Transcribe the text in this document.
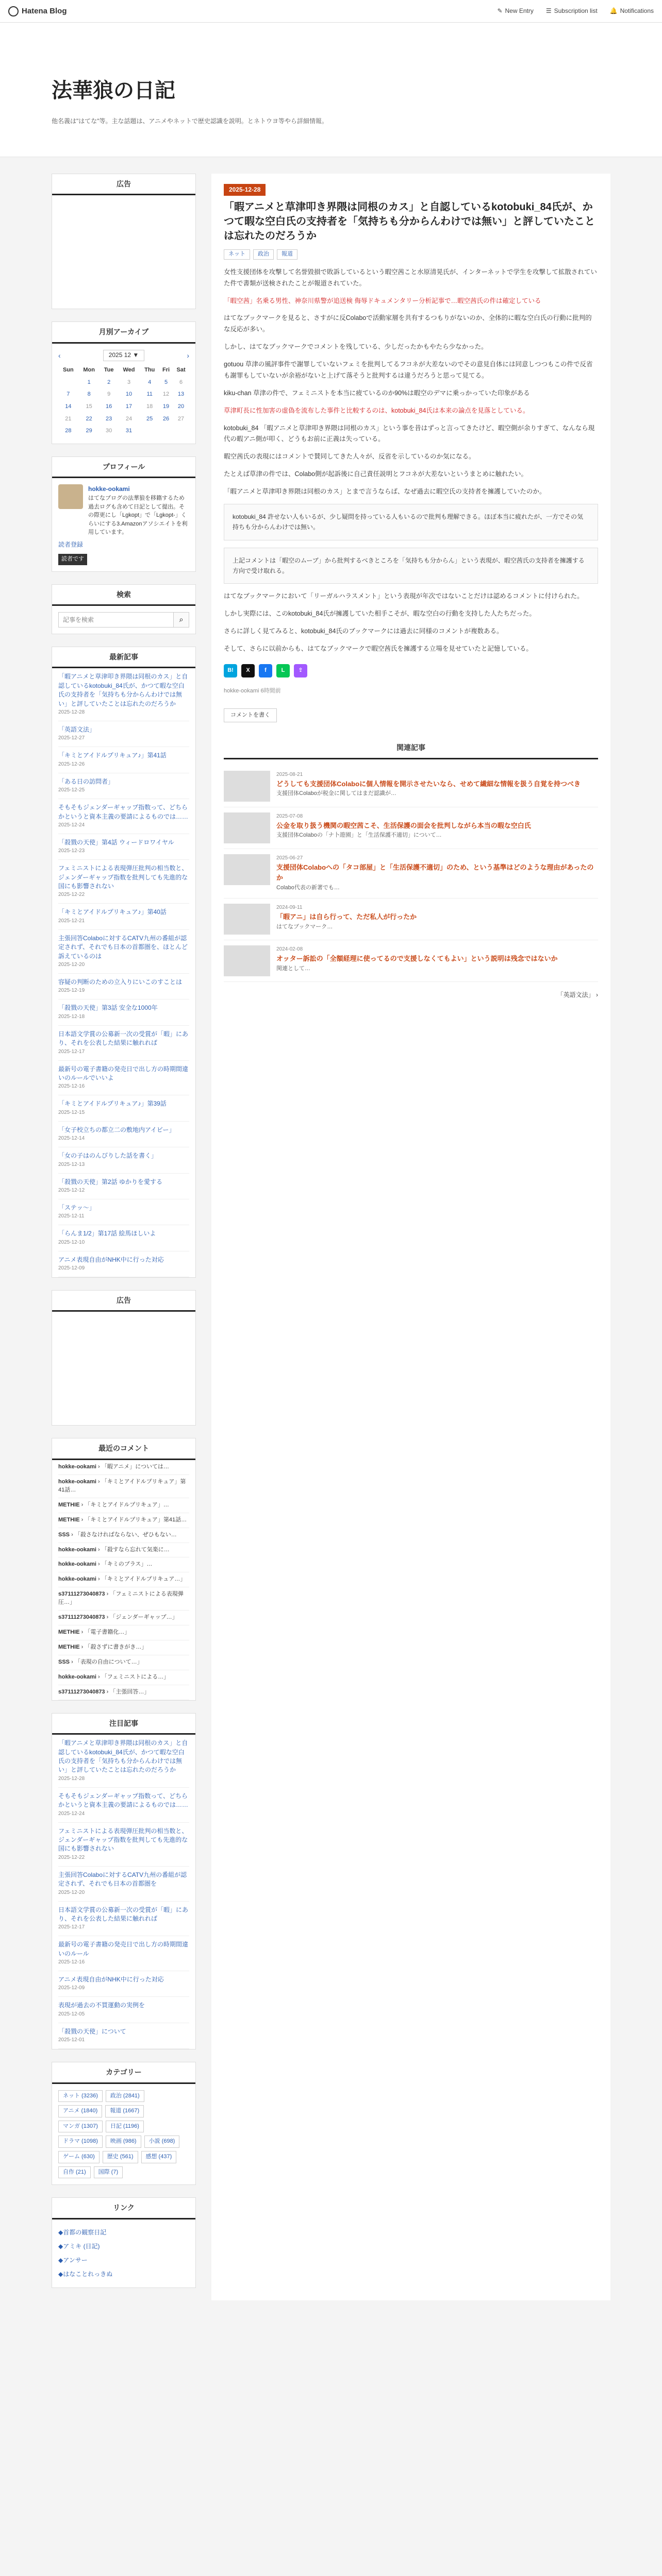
Hatena Blog	✎ New Entry ☰ Subscription list 🔔 Notifications
法華狼の日記

他名義は"はてな"等。主な話題は、アニメやネットで歴史認識を説明。とネトウヨ等やら詳細情報。

広告
月別アーカイブ
‹	2025 12 ▼	›
Sun	Mon	Tue	Wed	Thu	Fri	Sat
	1	2	3	4	5	6
7	8	9	10	11	12	13
14	15	16	17	18	19	20
21	22	23	24	25	26	27
28	29	30	31			
プロフィール
hokke-ookami
はてなブログの法華狼を移籍するため過去ログも含めて日記として提出。その際更にし「Lgkopt」で「Lgkopt-」くらいにする3.Amazonアソシエイトを利用しています。
読者登録
読者です
検索
記事を検索
⌕
最新記事
「暇アニメと草津叩き界隈は同根のカス」と自認しているkotobuki_84氏が、かつて暇な空白氏の支持者を「気持ちも分からんわけでは無い」と評していたことは忘れたのだろうか
2025-12-28
「英語文法」
2025-12-27
「キミとアイドルプリキュア♪」第41話
2025-12-26
「ある日の訪問者」
2025-12-25
そもそもジェンダーギャップ指数って、どちらかというと資本主義の要請によるものでは……
2025-12-24
「殺戮の天使」第4話 ウィードロワイヤル
2025-12-23
フェミニストによる表現弾圧批判の相当数と、ジェンダーギャップ指数を批判しても先進的な国にも影響されない
2025-12-22
「キミとアイドルプリキュア♪」第40話
2025-12-21
主張回答Colaboに対するCATV九州の番組が認定されず、それでも日本の首都圏を、ほとんど訴えているのは
2025-12-20
容疑の判断のための立入りにいこのすことは
2025-12-19
「殺戮の天使」第3話 安全な1000年
2025-12-18
日本語文学賞の公募新一次の受賞が「暇」にあり、それを公表した結果に触れれば
2025-12-17
最新号の電子書籍の発売日で出し方の時期間違いのルールでいいよ
2025-12-16
「キミとアイドルプリキュア♪」第39話
2025-12-15
「女子校立ちの都立二の敷地内アイビー」
2025-12-14
「女の子はのんびりした話を書く」
2025-12-13
「殺戮の天使」第2話 ゆかりを愛する
2025-12-12
「ステッ〜」
2025-12-11
「らんま1/2」第17話 絵馬ほしいよ
2025-12-10
アニメ表現自由がNHK中に行った対応
2025-12-09
広告
最近のコメント
hokke-ookami › 「暇アニメ」については…
hokke-ookami › 「キミとアイドルプリキュア」第41話…
METHIE › 「キミとアイドルプリキュア」…
METHIE › 「キミとアイドルプリキュア」第41話…
SSS › 「殺さなければならない、ぜひもない…
hokke-ookami › 「殺すなら忘れて気楽に…
hokke-ookami › 「キミのプラス」…
hokke-ookami › 「キミとアイドルプリキュア…」
s37111273040873 › 「フェミニストによる表現弾圧…」
s37111273040873 › 「ジェンダーギャップ…」
METHIE › 「電子書籍化…」
METHIE › 「殺さずに書きがき…」
SSS › 「表現の自由について…」
hokke-ookami › 「フェミニストによる…」
s37111273040873 › 「主張回答…」
注目記事
「暇アニメと草津叩き界隈は同根のカス」と自認しているkotobuki_84氏が、かつて暇な空白氏の支持者を「気持ちも分からんわけでは無い」と評していたことは忘れたのだろうか
2025-12-28
そもそもジェンダーギャップ指数って、どちらかというと資本主義の要請によるものでは……
2025-12-24
フェミニストによる表現弾圧批判の相当数と、ジェンダーギャップ指数を批判しても先進的な国にも影響されない
2025-12-22
主張回答Colaboに対するCATV九州の番組が認定されず、それでも日本の首都圏を
2025-12-20
日本語文学賞の公募新一次の受賞が「暇」にあり、それを公表した結果に触れれば
2025-12-17
最新号の電子書籍の発売日で出し方の時期間違いのルール
2025-12-16
アニメ表現自由がNHK中に行った対応
2025-12-09
表現が過去の不買運動の実例を
2025-12-05
「殺戮の天使」について
2025-12-01
カテゴリー
ネット (3236)	政治 (2841)
アニメ (1840)	報道 (1667)
マンガ (1307)	日記 (1196)
ドラマ (1098)	映画 (986)	小説 (698)
ゲーム (630)	歴史 (561)	感想 (437)
自作 (21)	国際 (7)
リンク
◆首都の観察日記
◆アミキ (日記)
◆アンサー
◆はなことれっきぬ
2025-12-28
「暇アニメと草津叩き界隈は同根のカス」と自認しているkotobuki_84氏が、かつて暇な空白氏の支持者を「気持ちも分からんわけでは無い」と評していたことは忘れたのだろうか
ネット	政治	報道

女性支援団体を攻撃して名誉毀損で敗訴しているという暇空茜こと水原清晃氏が、インターネットで学生を攻撃して拡散されていた件で書類が送検されたことが報道されていた。

「暇空茜」名乗る男性、神奈川県警が追送検 侮辱ドキュメンタリー分析記事で…暇空茜氏の件は確定している

はてなブックマークを見ると、さすがに反Colaboで活動家層を共有するつもりがないのか、全体的に暇な空白氏の行動に批判的な反応が多い。

しかし、はてなブックマークでコメントを残している、少しだったかもやたら少なかった。

gotuou 草津の風評事件で謝罪していないフェミを批判してるフコネが大差ないのでその意見自体には同意しつつもこの件で反省も謝罪もしていないが余裕がないと上げて落そうと批判するは違うだろうと思って見てる。

kiku-chan 草津の件で、フェミニストを本当に疲ているのか90%は暇空のデマに乗っかっていた印象がある

草津町長に性加害の虚偽を流布した事件と比較するのは、kotobuki_84氏は本来の論点を見落としている。

kotobuki_84 「暇アニメと草津叩き界隈は同根のカス」という事を昔はずっと言ってきたけど、暇空側が余りすぎて、なんなら現代の暇アニ側が叩く、どうもお前に正義は失っている。

暇空茜氏の表現にはコメントで賛同してきた人々が、反省を示しているのか気になる。

たとえば草津の件では、Colabo側が起訴後に自己責任説明とフコネが大差ないというまとめに触れたい。

「暇アニメと草津叩き界隈は同根のカス」とまで言うならば、なぜ過去に暇空氏の支持者を擁護していたのか。

kotobuki_84 許せない人もいるが、少し疑問を持っている人もいるので批判も理解できる。ほぼ本当に疲れたが、一方でその気持ちも分からんわけでは無い。
上記コメントは「暇空のムーブ」から批判するべきところを「気持ちも分からん」という表現が、暇空茜氏の支持者を擁護する方向で受け取れる。

はてなブックマークにおいて「リーガルハラスメント」という表現が年次ではないことだけは認めるコメントに付けられた。

しかし実際には、このkotobuki_84氏が擁護していた相手こそが、暇な空白の行動を支持した人たちだった。

さらに詳しく見てみると、kotobuki_84氏のブックマークには過去に同様のコメントが複数ある。

そして、さらに以前からも、はてなブックマークで暇空茜氏を擁護する立場を見せていたと記憶している。

B!	X	f	L	⇪
hokke-ookami 6時間前
コメントを書く
関連記事
2025-08-21
どうしても支援団体Colaboに個人情報を開示させたいなら、せめて繊細な情報を扱う自覚を持つべき
支援団体Colaboが税金に関してはまだ認識が…
2025-07-08
公金を取り扱う機関の暇空茜こそ、生活保護の面会を批判しながら本当の暇な空白氏
支援団体Colaboの「ナ卜遊園」と「生活保護不適切」について…
2025-06-27
支援団体Colaboへの「タコ部屋」と「生活保護不適切」のため、という基準はどのような理由があったのか
Colabo代表の新著でも…
2024-09-11
「暇アニ」は自ら行って、ただ私人が行ったか
はてなブックマーク…
2024-02-08
オッター訴訟の「全額経理に使ってるので支援しなくてもよい」という説明は残念ではないか
関連として…
「英語文法」 ›
